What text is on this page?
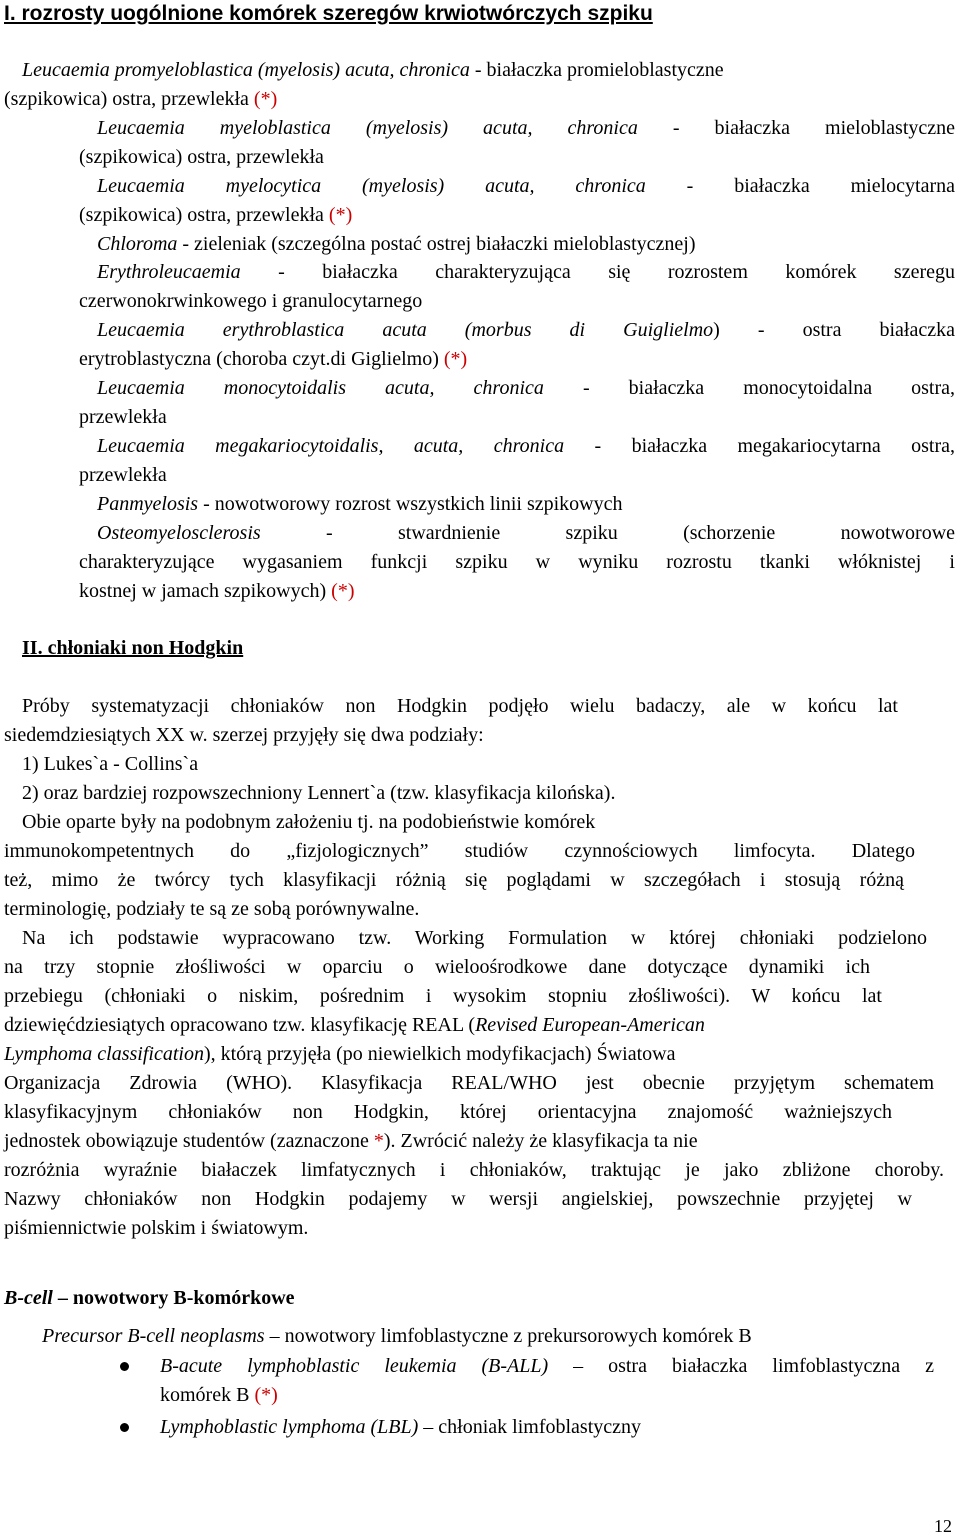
I. rozrosty uogólnione komórek szeregów krwiotwórczych szpiku
Leucaemia promyeloblastica (myelosis) acuta, chronica - białaczka promieloblastyczne
(szpikowica) ostra, przewlekła (*)
Leucaemia myeloblastica (myelosis) acuta, chronica - białaczka mieloblastyczne
(szpikowica) ostra, przewlekła
Leucaemia myelocytica (myelosis) acuta, chronica - białaczka mielocytarna
(szpikowica) ostra, przewlekła (*)
Chloroma - zieleniak (szczególna postać ostrej białaczki mieloblastycznej)
Erythroleucaemia - białaczka charakteryzująca się rozrostem komórek szeregu
czerwonokrwinkowego i granulocytarnego
Leucaemia erythroblastica acuta (morbus di Guiglielmo) - ostra białaczka
erytroblastyczna (choroba czyt.di Giglielmo) (*)
Leucaemia monocytoidalis acuta, chronica - białaczka monocytoidalna ostra,
przewlekła
Leucaemia megakariocytoidalis, acuta, chronica - białaczka megakariocytarna ostra,
przewlekła
Panmyelosis - nowotworowy rozrost wszystkich linii szpikowych
Osteomyelosclerosis	- stwardnienie szpiku (schorzenie nowotworowe
charakteryzujące wygasaniem funkcji szpiku w wyniku rozrostu tkanki włóknistej i
kostnej w jamach szpikowych) (*)
II. chłoniaki non Hodgkin
Próby systematyzacji chłoniaków non Hodgkin podjęło wielu badaczy, ale w końcu lat
siedemdziesiątych XX w. szerzej przyjęły się dwa podziały:
1) Lukes`a - Collins`a
2) oraz bardziej rozpowszechniony Lennert`a (tzw. klasyfikacja kilońska).
Obie oparte były na podobnym założeniu tj. na podobieństwie komórek
immunokompetentnych do „fizjologicznych” studiów czynnościowych limfocyta. Dlatego
też, mimo że twórcy tych klasyfikacji różnią się poglądami w szczegółach i stosują różną
terminologię, podziały te są ze sobą porównywalne.
Na ich podstawie wypracowano tzw. Working Formulation w której chłoniaki podzielono
na trzy stopnie złośliwości w oparciu o wieloośrodkowe dane dotyczące dynamiki ich
przebiegu (chłoniaki o niskim, pośrednim i wysokim stopniu złośliwości). W końcu lat
dziewięćdziesiątych opracowano tzw. klasyfikację REAL (Revised European-American
Lymphoma classification), którą przyjęła (po niewielkich modyfikacjach) Światowa
Organizacja Zdrowia (WHO). Klasyfikacja REAL/WHO jest obecnie przyjętym schematem
klasyfikacyjnym chłoniaków non Hodgkin, której orientacyjna znajomość ważniejszych
jednostek obowiązuje studentów (zaznaczone *). Zwrócić należy że klasyfikacja ta nie
rozróżnia wyraźnie białaczek limfatycznych i chłoniaków, traktując je jako zbliżone choroby.
Nazwy chłoniaków non Hodgkin podajemy w wersji angielskiej, powszechnie przyjętej w
piśmiennictwie polskim i światowym.
B-cell – nowotwory B-komórkowe
Precursor B-cell neoplasms – nowotwory limfoblastyczne z prekursorowych komórek B
B-acute lymphoblastic leukemia (B-ALL) – ostra białaczka limfoblastyczna z
komórek B (*)
Lymphoblastic lymphoma (LBL) – chłoniak limfoblastyczny
12
